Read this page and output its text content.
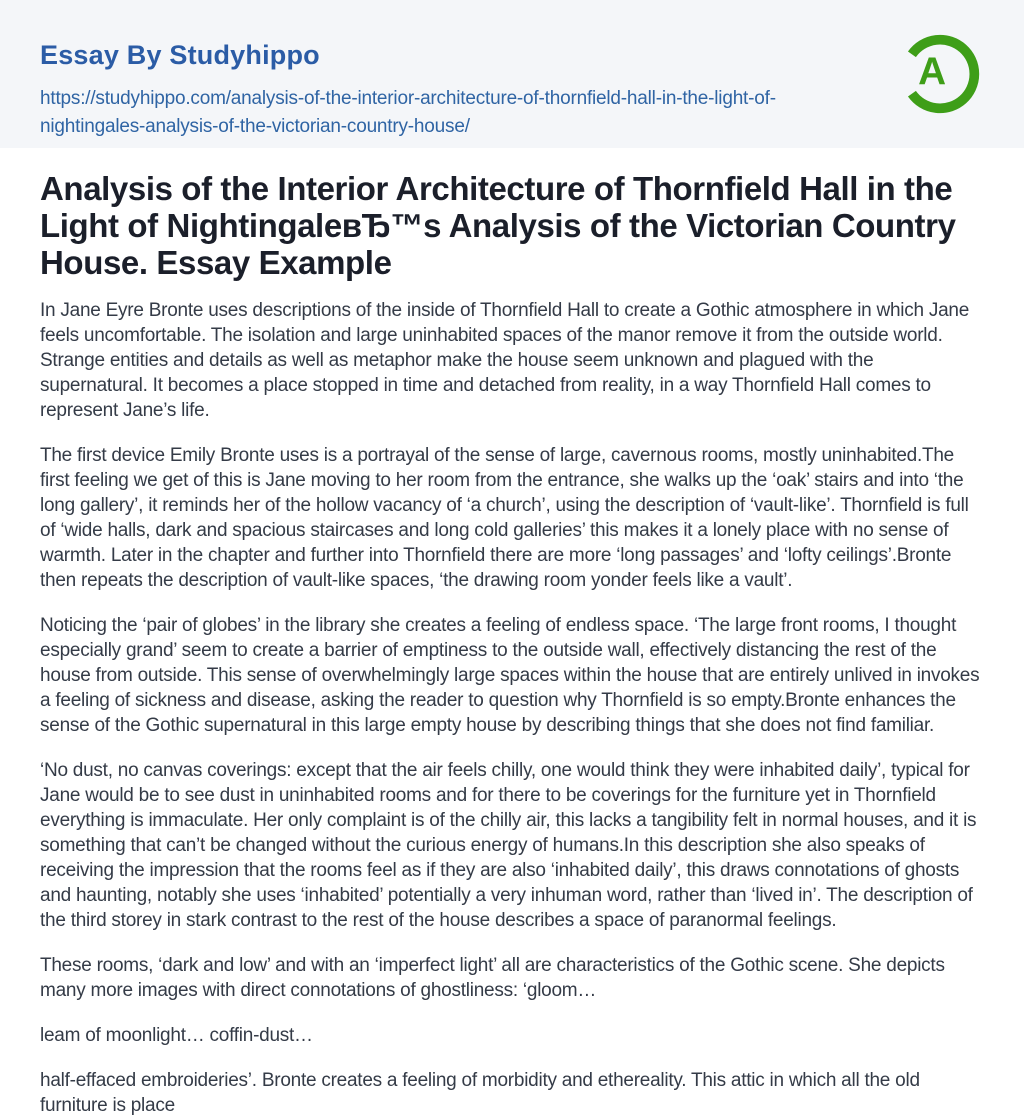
Essay By Studyhippo
https://studyhippo.com/analysis-of-the-interior-architecture-of-thornfield-hall-in-the-light-of-nightingales-analysis-of-the-victorian-country-house/
A
Analysis of the Interior Architecture of Thornfield Hall in the Light of NightingaleвЂ™s Analysis of the Victorian Country House. Essay Example

In Jane Eyre Bronte uses descriptions of the inside of Thornfield Hall to create a Gothic atmosphere in which Jane feels uncomfortable. The isolation and large uninhabited spaces of the manor remove it from the outside world. Strange entities and details as well as metaphor make the house seem unknown and plagued with the supernatural. It becomes a place stopped in time and detached from reality, in a way Thornfield Hall comes to represent Jane’s life.

The first device Emily Bronte uses is a portrayal of the sense of large, cavernous rooms, mostly uninhabited.The first feeling we get of this is Jane moving to her room from the entrance, she walks up the ‘oak’ stairs and into ‘the long gallery’, it reminds her of the hollow vacancy of ‘a church’, using the description of ‘vault-like’. Thornfield is full of ‘wide halls, dark and spacious staircases and long cold galleries’ this makes it a lonely place with no sense of warmth. Later in the chapter and further into Thornfield there are more ‘long passages’ and ‘lofty ceilings’.Bronte then repeats the description of vault-like spaces, ‘the drawing room yonder feels like a vault’.

Noticing the ‘pair of globes’ in the library she creates a feeling of endless space. ‘The large front rooms, I thought especially grand’ seem to create a barrier of emptiness to the outside wall, effectively distancing the rest of the house from outside. This sense of overwhelmingly large spaces within the house that are entirely unlived in invokes a feeling of sickness and disease, asking the reader to question why Thornfield is so empty.Bronte enhances the sense of the Gothic supernatural in this large empty house by describing things that she does not find familiar.

‘No dust, no canvas coverings: except that the air feels chilly, one would think they were inhabited daily’, typical for Jane would be to see dust in uninhabited rooms and for there to be coverings for the furniture yet in Thornfield everything is immaculate. Her only complaint is of the chilly air, this lacks a tangibility felt in normal houses, and it is something that can’t be changed without the curious energy of humans.In this description she also speaks of receiving the impression that the rooms feel as if they are also ‘inhabited daily’, this draws connotations of ghosts and haunting, notably she uses ‘inhabited’ potentially a very inhuman word, rather than ‘lived in’. The description of the third storey in stark contrast to the rest of the house describes a space of paranormal feelings.

These rooms, ‘dark and low’ and with an ‘imperfect light’ all are characteristics of the Gothic scene. She depicts many more images with direct connotations of ghostliness: ‘gloom…

leam of moonlight… coffin-dust…

half-effaced embroideries’. Bronte creates a feeling of morbidity and ethereality. This attic in which all the old furniture is place
